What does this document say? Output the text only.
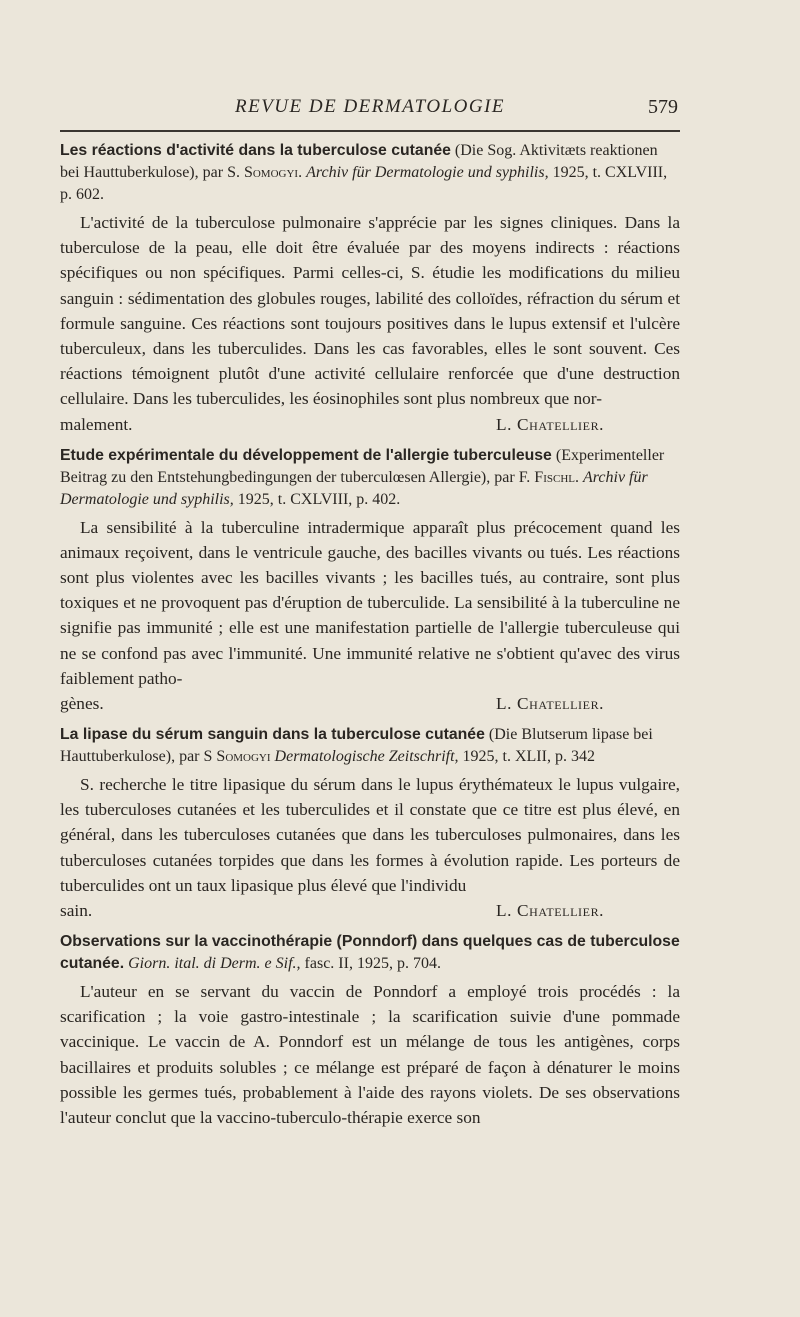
REVUE DE DERMATOLOGIE	579
Les réactions d'activité dans la tuberculose cutanée (Die Sog. Aktivitæts reaktionen bei Hauttuberkulose), par S. Somogyi. Archiv für Dermatologie und syphilis, 1925, t. CXLVIII, p. 602.

L'activité de la tuberculose pulmonaire s'apprécie par les signes cliniques. Dans la tuberculose de la peau, elle doit être évaluée par des moyens indirects : réactions spécifiques ou non spécifiques. Parmi celles-ci, S. étudie les modifications du milieu sanguin : sédimentation des globules rouges, labilité des colloïdes, réfraction du sérum et formule sanguine. Ces réactions sont toujours positives dans le lupus extensif et l'ulcère tuberculeux, dans les tuberculides. Dans les cas favorables, elles le sont souvent. Ces réactions témoignent plutôt d'une activité cellulaire renforcée que d'une destruction cellulaire. Dans les tuberculides, les éosinophiles sont plus nombreux que nor-

malement.	L. Chatellier.
Etude expérimentale du développement de l'allergie tuberculeuse (Experimenteller Beitrag zu den Entstehungbedingungen der tuberculœsen Allergie), par F. Fischl. Archiv für Dermatologie und syphilis, 1925, t. CXLVIII, p. 402.

La sensibilité à la tuberculine intradermique apparaît plus précocement quand les animaux reçoivent, dans le ventricule gauche, des bacilles vivants ou tués. Les réactions sont plus violentes avec les bacilles vivants ; les bacilles tués, au contraire, sont plus toxiques et ne provoquent pas d'éruption de tuberculide. La sensibilité à la tuberculine ne signifie pas immunité ; elle est une manifestation partielle de l'allergie tuberculeuse qui ne se confond pas avec l'immunité. Une immunité relative ne s'obtient qu'avec des virus faiblement patho-

gènes.	L. Chatellier.
La lipase du sérum sanguin dans la tuberculose cutanée (Die Blutserum lipase bei Hauttuberkulose), par S Somogyi Dermatologische Zeitschrift, 1925, t. XLII, p. 342

S. recherche le titre lipasique du sérum dans le lupus érythémateux le lupus vulgaire, les tuberculoses cutanées et les tuberculides et il constate que ce titre est plus élevé, en général, dans les tuberculoses cutanées que dans les tuberculoses pulmonaires, dans les tuberculoses cutanées torpides que dans les formes à évolution rapide. Les porteurs de tuberculides ont un taux lipasique plus élevé que l'individu

sain.	L. Chatellier.
Observations sur la vaccinothérapie (Ponndorf) dans quelques cas de tuberculose cutanée. Giorn. ital. di Derm. e Sif., fasc. II, 1925, p. 704.

L'auteur en se servant du vaccin de Ponndorf a employé trois procédés : la scarification ; la voie gastro-intestinale ; la scarification suivie d'une pommade vaccinique. Le vaccin de A. Ponndorf est un mélange de tous les antigènes, corps bacillaires et produits solubles ; ce mélange est préparé de façon à dénaturer le moins possible les germes tués, probablement à l'aide des rayons violets. De ses observations l'auteur conclut que la vaccino-tuberculo-thérapie exerce son
